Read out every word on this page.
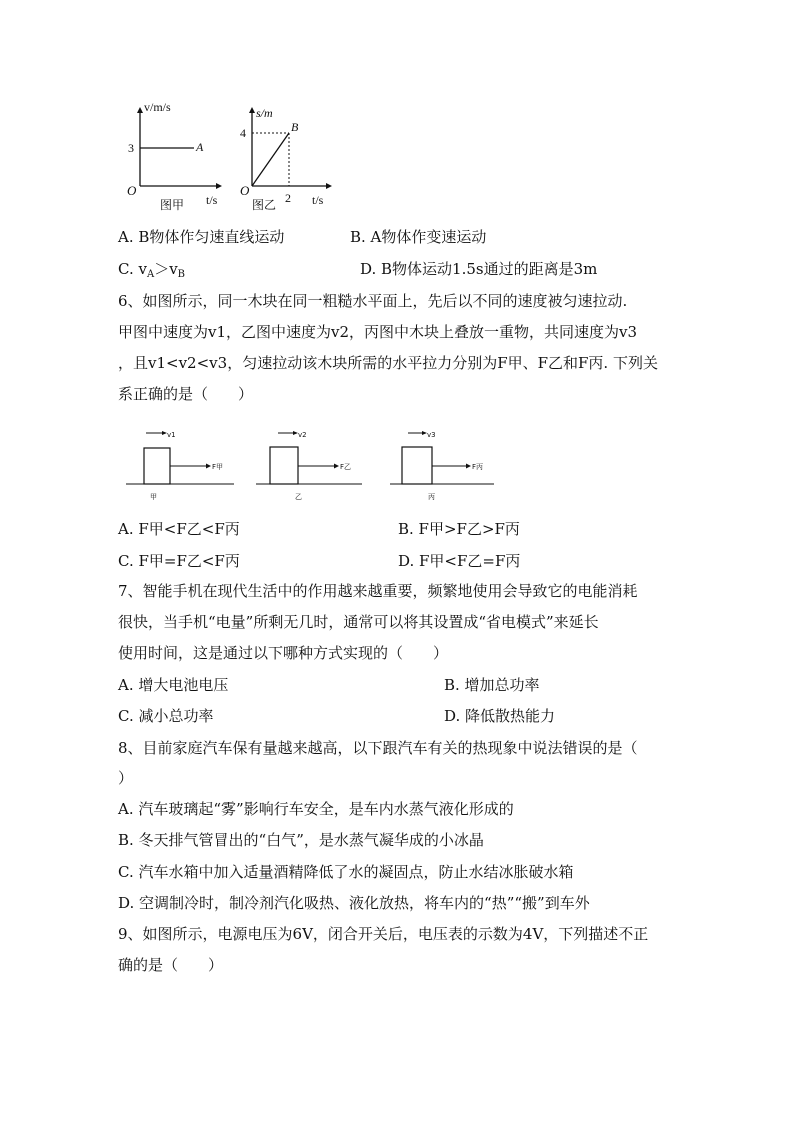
v/m/s
3	A
O
t/s
图甲
s/m
4	B
O	2 t/s
图乙
A. B物体作匀速直线运动	B. A物体作变速运动
C. $v_A>v_B$	D. B物体运动1.5s通过的距离是3m
6、如图所示，同一木块在同一粗糙水平面上，先后以不同的速度被匀速拉动.
甲图中速度为v1，乙图中速度为v2，丙图中木块上叠放一重物，共同速度为v3
，且v1<v2<v3，匀速拉动该木块所需的水平拉力分别为F甲、F乙和F丙. 下列关
系正确的是（　　）
v1
F甲
甲
v2
F乙
乙
v3
F丙
丙
A. F甲<F乙<F丙	B. F甲>F乙>F丙
C. F甲=F乙<F丙	D. F甲<F乙=F丙
7、智能手机在现代生活中的作用越来越重要，频繁地使用会导致它的电能消耗
很快，当手机“电量”所剩无几时，通常可以将其设置成“省电模式”来延长
使用时间，这是通过以下哪种方式实现的（　　）
A. 增大电池电压	B. 增加总功率
C. 减小总功率	D. 降低散热能力
8、目前家庭汽车保有量越来越高，以下跟汽车有关的热现象中说法错误的是（
）
A. 汽车玻璃起“雾”影响行车安全，是车内水蒸气液化形成的
B. 冬天排气管冒出的“白气”，是水蒸气凝华成的小冰晶
C. 汽车水箱中加入适量酒精降低了水的凝固点，防止水结冰胀破水箱
D. 空调制冷时，制冷剂汽化吸热、液化放热，将车内的“热”“搬”到车外
9、如图所示，电源电压为6V，闭合开关后，电压表的示数为4V，下列描述不正
确的是（　　）
